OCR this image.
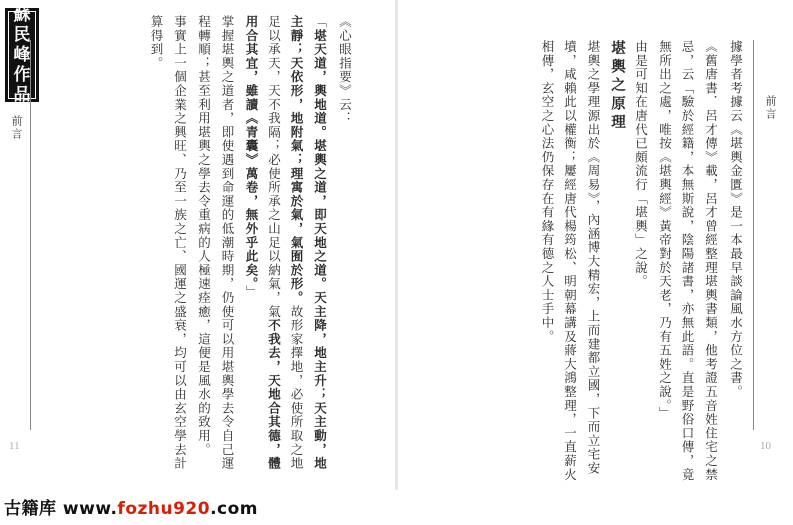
蘇
民
峰
作
品
前言
前言
11	10
《心眼指要》云：
「堪天道，輿地道。堪輿之道，即天地之道。天主降，地主升；天主動，地主靜；天依形，地附氣；理寓於氣，氣囿於形。故形家擇地，必使所取之地足以承天，天不我隔；必使所承之山足以納氣，氣不我去，天地合其德，體用合其宜，雖讀《青囊》萬卷，無外乎此矣。」
掌握堪輿之道者，即使遇到命運的低潮時期，仍使可以用堪輿學去令自己運程轉順；甚至利用堪輿之學去令重病的人極速痊癒，這便是風水的致用。
事實上一個企業之興旺、乃至一族之亡、國運之盛衰，均可以由玄空學去計算得到。	據學者考據云《堪輿金匱》是一本最早談論風水方位之書。
《舊唐書．呂才傳》載，呂才曾經整理堪輿書類，他考證五音姓住宅之禁忌，云「驗於經籍，本無斯說，陰陽諸書，亦無此語。直是野俗口傳，竟無所出之處，唯按《堪輿經》黃帝對於天老，乃有五姓之說。」
由是可知在唐代已頗流行「堪輿」之說。
堪輿之原理
堪輿之學理源出於《周易》，內涵博大精宏，上而建都立國，下而立宅安墳，咸賴此以權衡；屢經唐代楊筠松、明朝幕講及蔣大鴻整理，一直薪火相傳，玄空之心法仍保存在有緣有德之人士手中。
古籍库 www.fozhu920.com
